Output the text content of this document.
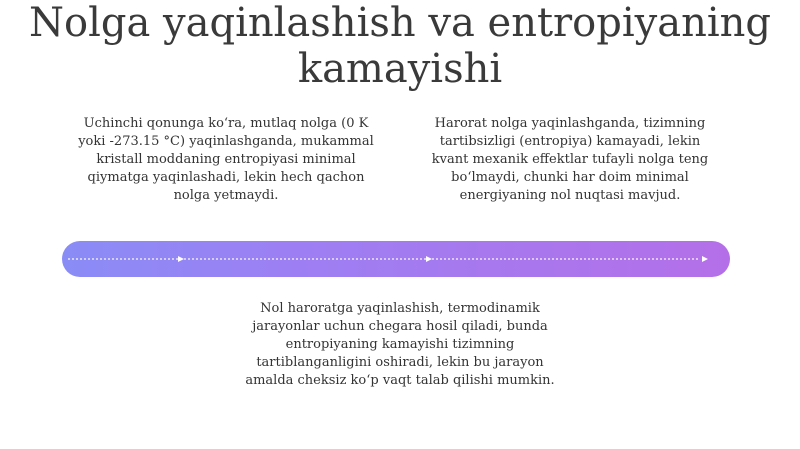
Nolga yaqinlashish va entropiyaning kamayishi
Uchinchi qonunga ko‘ra, mutlaq nolga (0 K yoki -273.15 °C) yaqinlashganda, mukammal kristall moddaning entropiyasi minimal qiymatga yaqinlashadi, lekin hech qachon nolga yetmaydi.
Harorat nolga yaqinlashganda, tizimning tartibsizligi (entropiya) kamayadi, lekin kvant mexanik effektlar tufayli nolga teng bo‘lmaydi, chunki har doim minimal energiyaning nol nuqtasi mavjud.
Nol haroratga yaqinlashish, termodinamik jarayonlar uchun chegara hosil qiladi, bunda entropiyaning kamayishi tizimning tartiblanganligini oshiradi, lekin bu jarayon amalda cheksiz ko‘p vaqt talab qilishi mumkin.
